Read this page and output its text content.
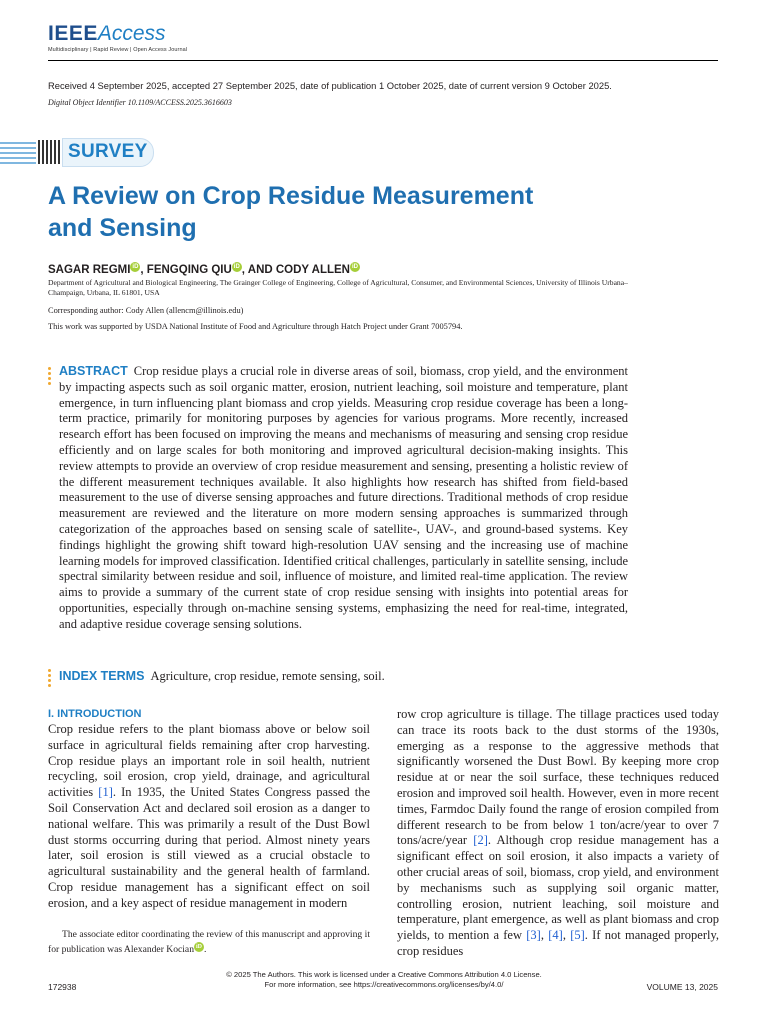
IEEEAccess
Multidisciplinary | Rapid Review | Open Access Journal
Received 4 September 2025, accepted 27 September 2025, date of publication 1 October 2025, date of current version 9 October 2025.
Digital Object Identifier 10.1109/ACCESS.2025.3616603
SURVEY
A Review on Crop Residue Measurement
and Sensing
SAGAR REGMI iD , FENGQING QIU iD , AND CODY ALLEN iD
Department of Agricultural and Biological Engineering, The Grainger College of Engineering, College of Agricultural, Consumer, and Environmental Sciences, University of Illinois Urbana–Champaign, Urbana, IL 61801, USA
Corresponding author: Cody Allen (allencm@illinois.edu)
This work was supported by USDA National Institute of Food and Agriculture through Hatch Project under Grant 7005794.
ABSTRACT Crop residue plays a crucial role in diverse areas of soil, biomass, crop yield, and the environment by impacting aspects such as soil organic matter, erosion, nutrient leaching, soil moisture and temperature, plant emergence, in turn influencing plant biomass and crop yields. Measuring crop residue coverage has been a long-term practice, primarily for monitoring purposes by agencies for various programs. More recently, increased research effort has been focused on improving the means and mechanisms of measuring and sensing crop residue efficiently and on large scales for both monitoring and improved agricultural decision-making insights. This review attempts to provide an overview of crop residue measurement and sensing, presenting a holistic review of the different measurement techniques available. It also highlights how research has shifted from field-based measurement to the use of diverse sensing approaches and future directions. Traditional methods of crop residue measurement are reviewed and the literature on more modern sensing approaches is summarized through categorization of the approaches based on sensing scale of satellite-, UAV-, and ground-based systems. Key findings highlight the growing shift toward high-resolution UAV sensing and the increasing use of machine learning models for improved classification. Identified critical challenges, particularly in satellite sensing, include spectral similarity between residue and soil, influence of moisture, and limited real-time application. The review aims to provide a summary of the current state of crop residue sensing with insights into potential areas for opportunities, especially through on-machine sensing systems, emphasizing the need for real-time, integrated, and adaptive residue coverage sensing solutions.
INDEX TERMS Agriculture, crop residue, remote sensing, soil.
I. INTRODUCTION
Crop residue refers to the plant biomass above or below soil surface in agricultural fields remaining after crop harvesting. Crop residue plays an important role in soil health, nutrient recycling, soil erosion, crop yield, drainage, and agricultural activities [1]. In 1935, the United States Congress passed the Soil Conservation Act and declared soil erosion as a danger to national welfare. This was primarily a result of the Dust Bowl dust storms occurring during that period. Almost ninety years later, soil erosion is still viewed as a crucial obstacle to agricultural sustainability and the general health of farmland. Crop residue management has a significant effect on soil erosion, and a key aspect of residue management in modern
row crop agriculture is tillage. The tillage practices used today can trace its roots back to the dust storms of the 1930s, emerging as a response to the aggressive methods that significantly worsened the Dust Bowl. By keeping more crop residue at or near the soil surface, these techniques reduced erosion and improved soil health. However, even in more recent times, Farmdoc Daily found the range of erosion compiled from different research to be from below 1 ton/acre/year to over 7 tons/acre/year [2]. Although crop residue management has a significant effect on soil erosion, it also impacts a variety of other crucial areas of soil, biomass, crop yield, and environment by mechanisms such as supplying soil organic matter, controlling erosion, nutrient leaching, soil moisture and temperature, plant emergence, as well as plant biomass and crop yields, to mention a few [3], [4], [5]. If not managed properly, crop residues
The associate editor coordinating the review of this manuscript and approving it for publication was Alexander Kocian iD .
© 2025 The Authors. This work is licensed under a Creative Commons Attribution 4.0 License.
For more information, see https://creativecommons.org/licenses/by/4.0/
172938	VOLUME 13, 2025
